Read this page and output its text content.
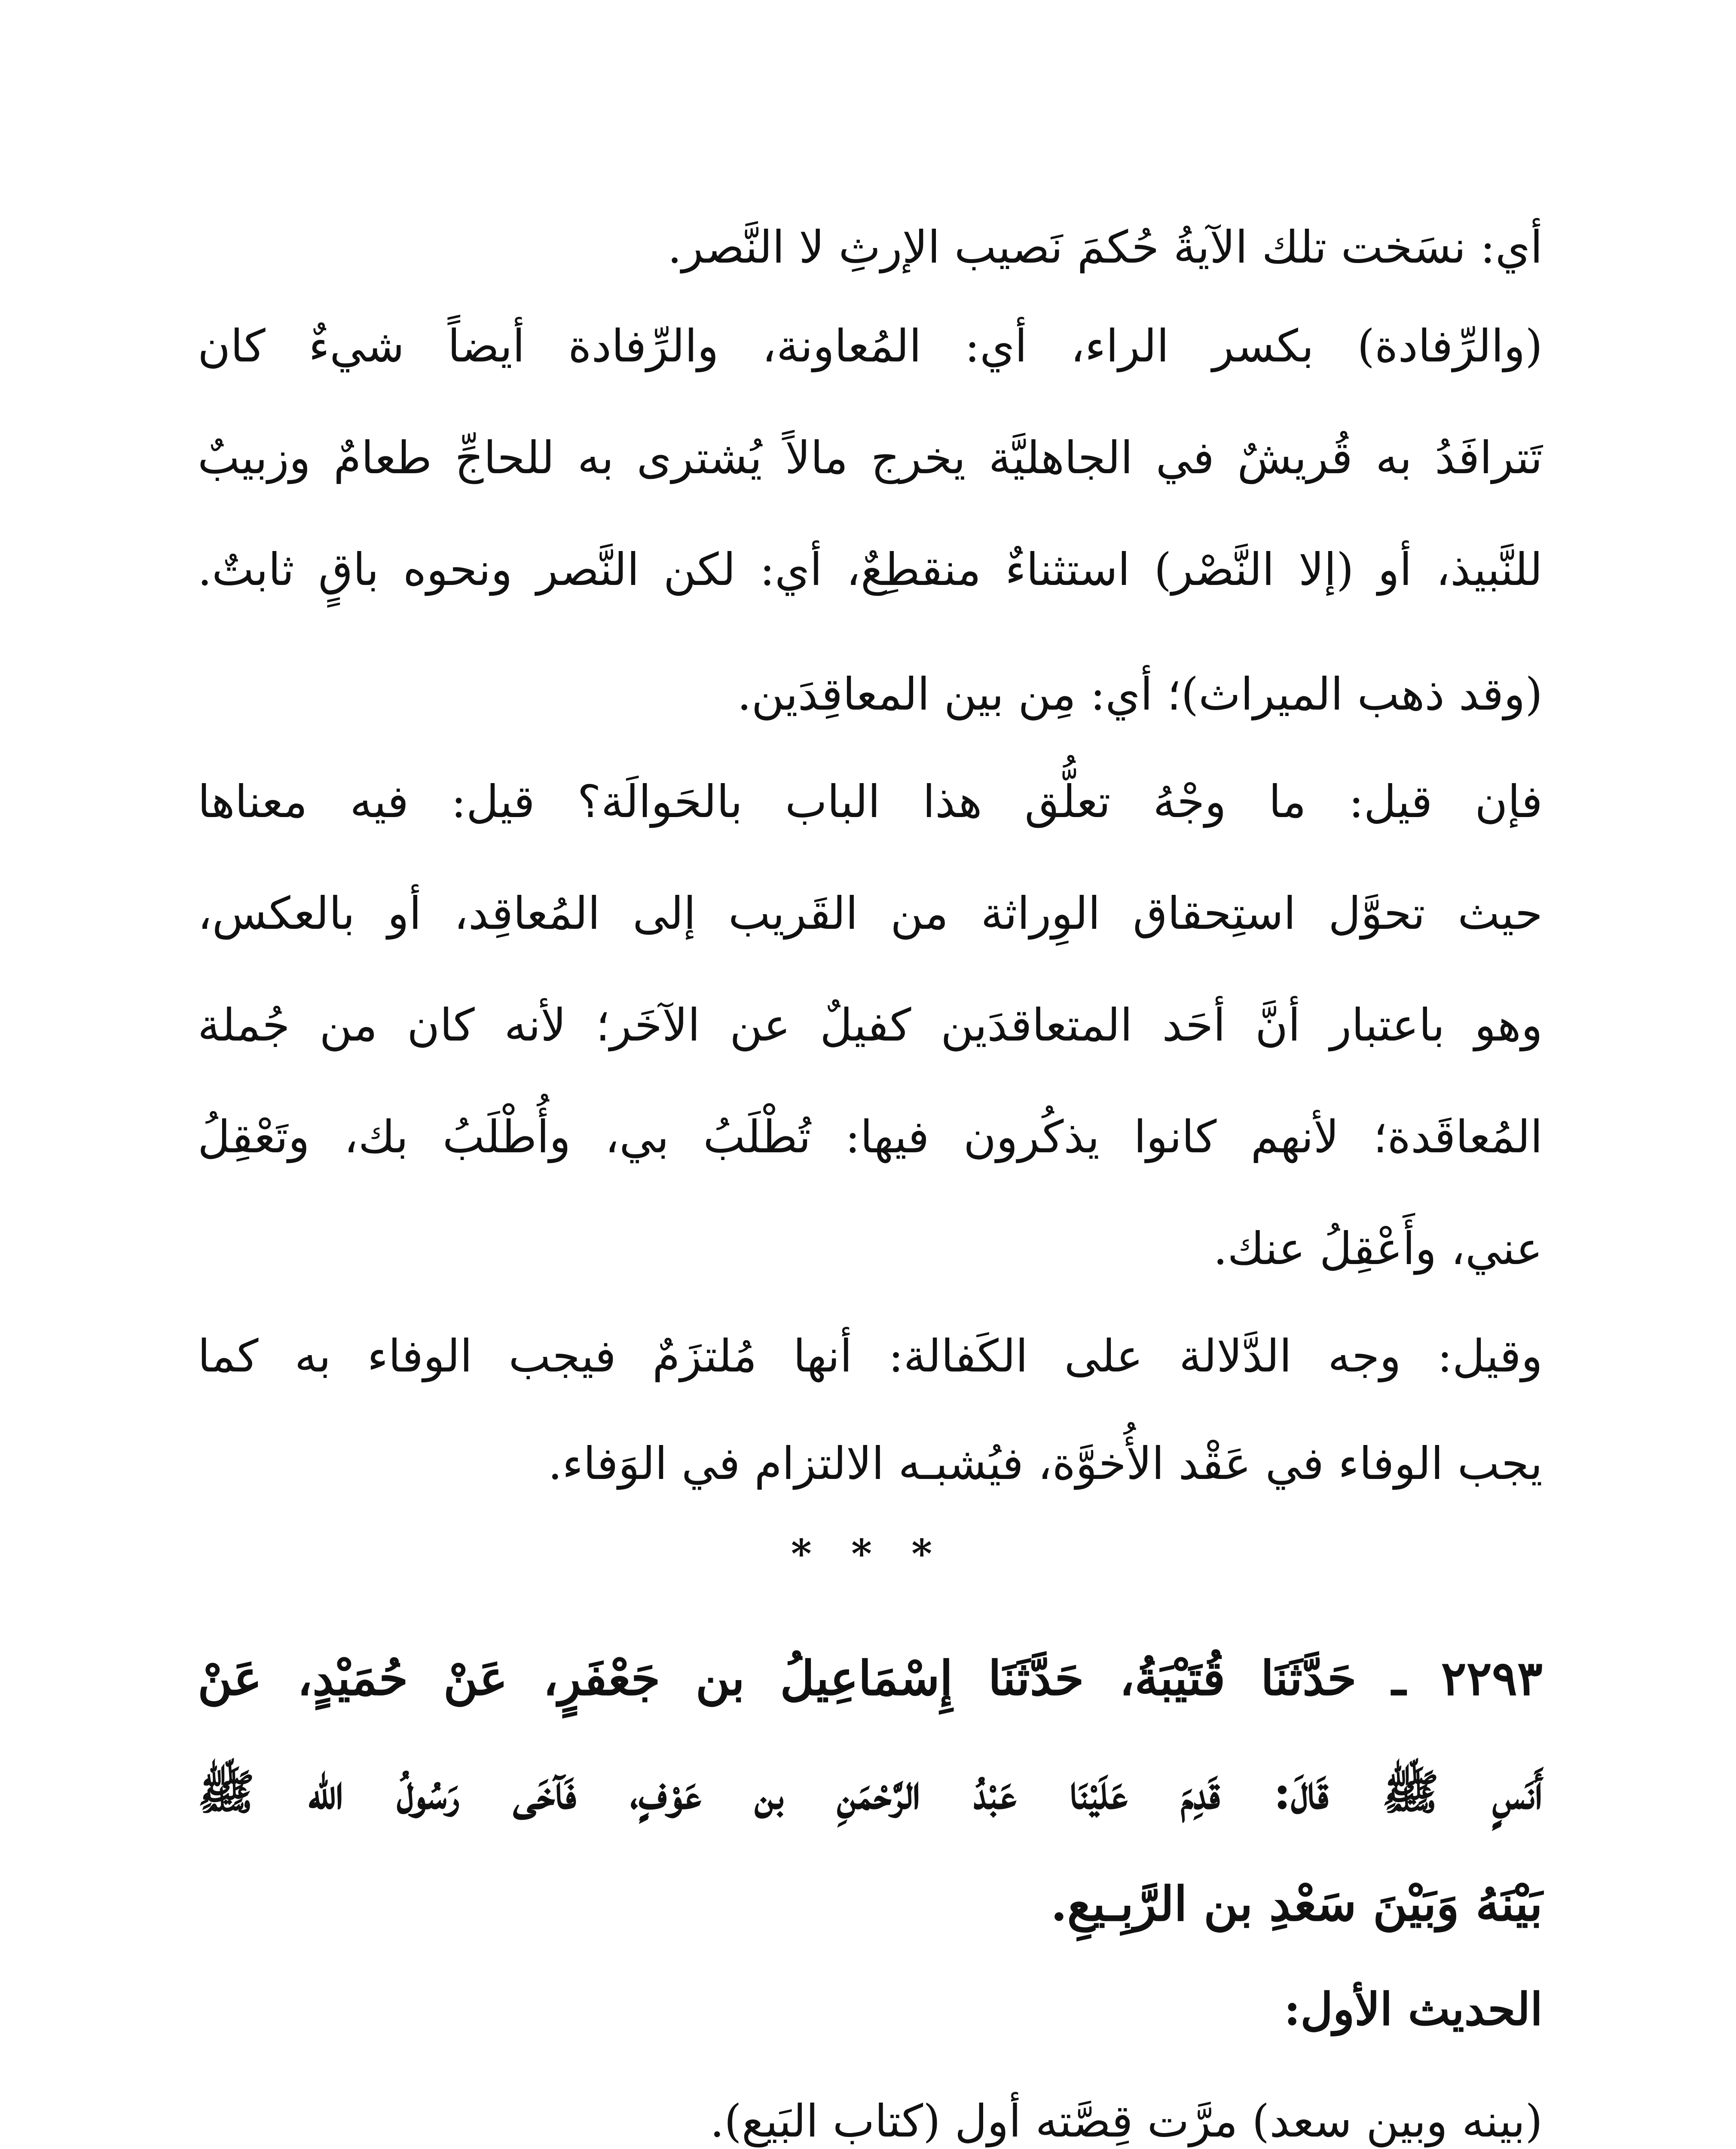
أي: نسَخت تلك الآيةُ حُكمَ نَصيب الإرثِ لا النَّصر.
(والرِّفادة) بكسر الراء، أي: المُعاونة، والرِّفادة أيضاً شيءٌ كان
تَترافَدُ به قُريشٌ في الجاهليَّة يخرج مالاً يُشترى به للحاجِّ طعامٌ وزبيبٌ
للنَّبيذ، أو (إلا النَّصْر) استثناءٌ منقطِعٌ، أي: لكن النَّصر ونحوه باقٍ ثابتٌ.
(وقد ذهب الميراث)؛ أي: مِن بين المعاقِدَين.
فإن قيل: ما وجْهُ تعلُّق هذا الباب بالحَوالَة؟ قيل: فيه معناها
حيث تحوَّل استِحقاق الوِراثة من القَريب إلى المُعاقِد، أو بالعكس،
وهو باعتبار أنَّ أحَد المتعاقدَين كفيلٌ عن الآخَر؛ لأنه كان من جُملة
المُعاقَدة؛ لأنهم كانوا يذكُرون فيها: تُطْلَبُ بي، وأُطْلَبُ بك، وتَعْقِلُ
عني، وأَعْقِلُ عنك.
وقيل: وجه الدَّلالة على الكَفالة: أنها مُلتزَمٌ فيجب الوفاء به كما
يجب الوفاء في عَقْد الأُخوَّة، فيُشبـه الالتزام في الوَفاء.
* * *
٢٢٩٣ ـ حَدَّثَنَا قُتَيْبَةُ، حَدَّثَنَا إِسْمَاعِيلُ بن جَعْفَرٍ، عَنْ حُمَيْدٍ، عَنْ
أَنَسٍ ﷺ قَالَ: قَدِمَ عَلَيْنَا عَبْدُ الرَّحْمَنِ بن عَوْفٍ، فَآخَى رَسُولُ الله ﷺ
بَيْنَهُ وَبَيْنَ سَعْدِ بن الرَّبِـيعِ.
الحديث الأول:
(بينه وبين سعد) مرَّت قِصَّته أول (كتاب البَيع).
